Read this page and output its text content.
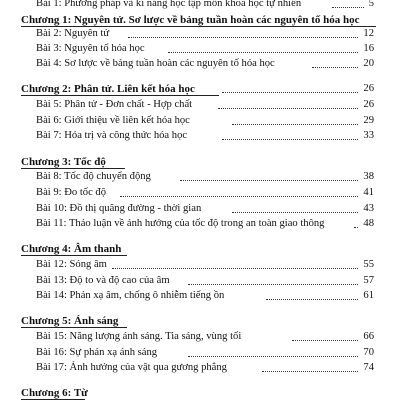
Bài 1: Phương pháp và kĩ năng học tập môn khoa học tự nhiên	5
Chương 1: Nguyên tử. Sơ lược về bảng tuần hoàn các nguyên tố hóa học
Bài 2: Nguyên tử	12
Bài 3: Nguyên tố hóa học	16
Bài 4: Sơ lược về bảng tuần hoàn các nguyên tố hóa học	20
Chương 2: Phân tử. Liên kết hóa học	26
Bài 5: Phân tử - Đơn chất - Hợp chất	26
Bài 6: Giới thiệu về liên kết hóa học	29
Bài 7: Hóa trị và công thức hóa học	33
Chương 3: Tốc độ
Bài 8: Tốc độ chuyển động	38
Bài 9: Đo tốc độ	41
Bài 10: Đồ thị quãng đường - thời gian	43
Bài 11: Thảo luận về ảnh hưởng của tốc độ trong an toàn giao thông	48
Chương 4: Âm thanh
Bài 12: Sóng âm	55
Bài 13: Độ to và độ cao của âm	57
Bài 14: Phản xạ âm, chống ô nhiễm tiếng ồn	61
Chương 5: Ánh sáng
Bài 15: Năng lượng ánh sáng. Tia sáng, vùng tối	66
Bài 16: Sự phản xạ ánh sáng	70
Bài 17: Ảnh hưởng của vật qua gương phẳng	74
Chương 6: Từ
